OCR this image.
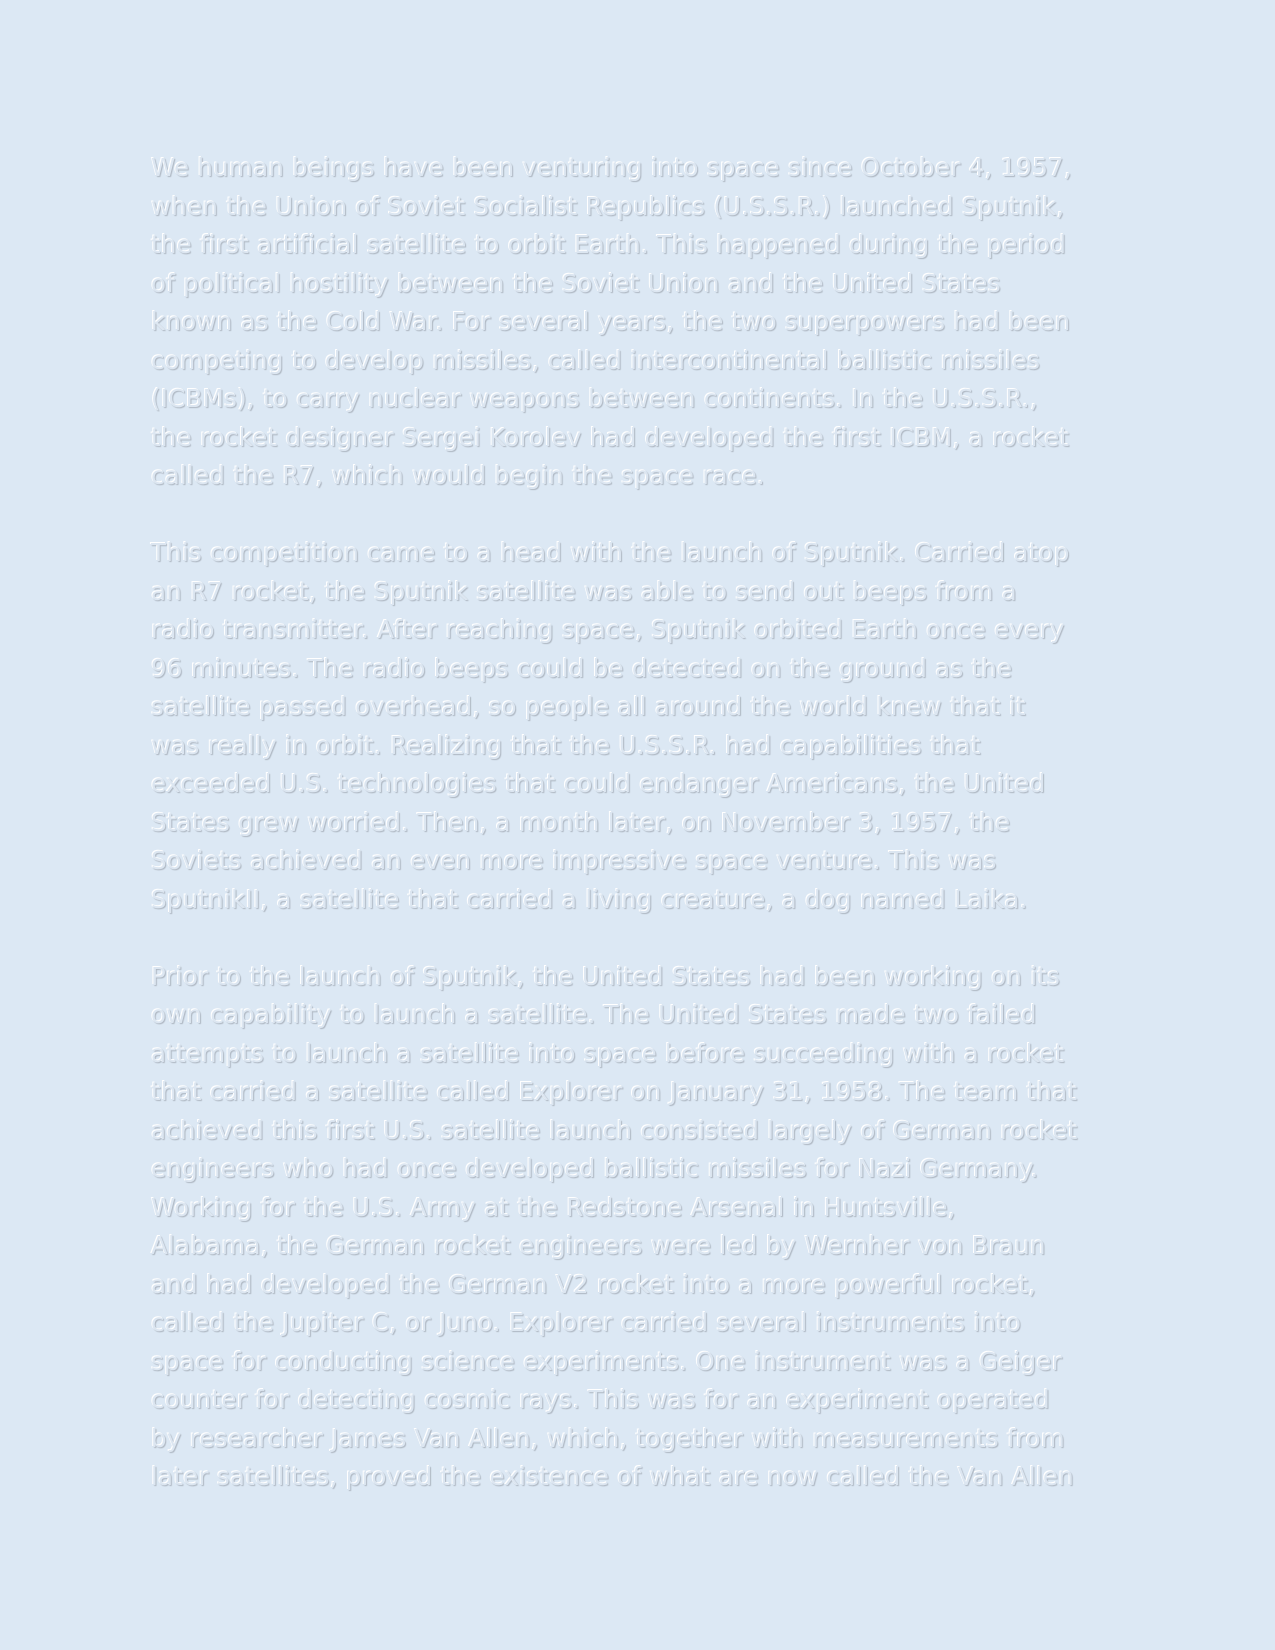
We human beings have been venturing into space since October 4, 1957,
when the Union of Soviet Socialist Republics (U.S.S.R.) launched Sputnik,
the first artificial satellite to orbit Earth. This happened during the period
of political hostility between the Soviet Union and the United States
known as the Cold War. For several years, the two superpowers had been
competing to develop missiles, called intercontinental ballistic missiles
(ICBMs), to carry nuclear weapons between continents. In the U.S.S.R.,
the rocket designer Sergei Korolev had developed the first ICBM, a rocket
called the R7, which would begin the space race.
This competition came to a head with the launch of Sputnik. Carried atop
an R7 rocket, the Sputnik satellite was able to send out beeps from a
radio transmitter. After reaching space, Sputnik orbited Earth once every
96 minutes. The radio beeps could be detected on the ground as the
satellite passed overhead, so people all around the world knew that it
was really in orbit. Realizing that the U.S.S.R. had capabilities that
exceeded U.S. technologies that could endanger Americans, the United
States grew worried. Then, a month later, on November 3, 1957, the
Soviets achieved an even more impressive space venture. This was
SputnikII, a satellite that carried a living creature, a dog named Laika.
Prior to the launch of Sputnik, the United States had been working on its
own capability to launch a satellite. The United States made two failed
attempts to launch a satellite into space before succeeding with a rocket
that carried a satellite called Explorer on January 31, 1958. The team that
achieved this first U.S. satellite launch consisted largely of German rocket
engineers who had once developed ballistic missiles for Nazi Germany.
Working for the U.S. Army at the Redstone Arsenal in Huntsville,
Alabama, the German rocket engineers were led by Wernher von Braun
and had developed the German V2 rocket into a more powerful rocket,
called the Jupiter C, or Juno. Explorer carried several instruments into
space for conducting science experiments. One instrument was a Geiger
counter for detecting cosmic rays. This was for an experiment operated
by researcher James Van Allen, which, together with measurements from
later satellites, proved the existence of what are now called the Van Allen
